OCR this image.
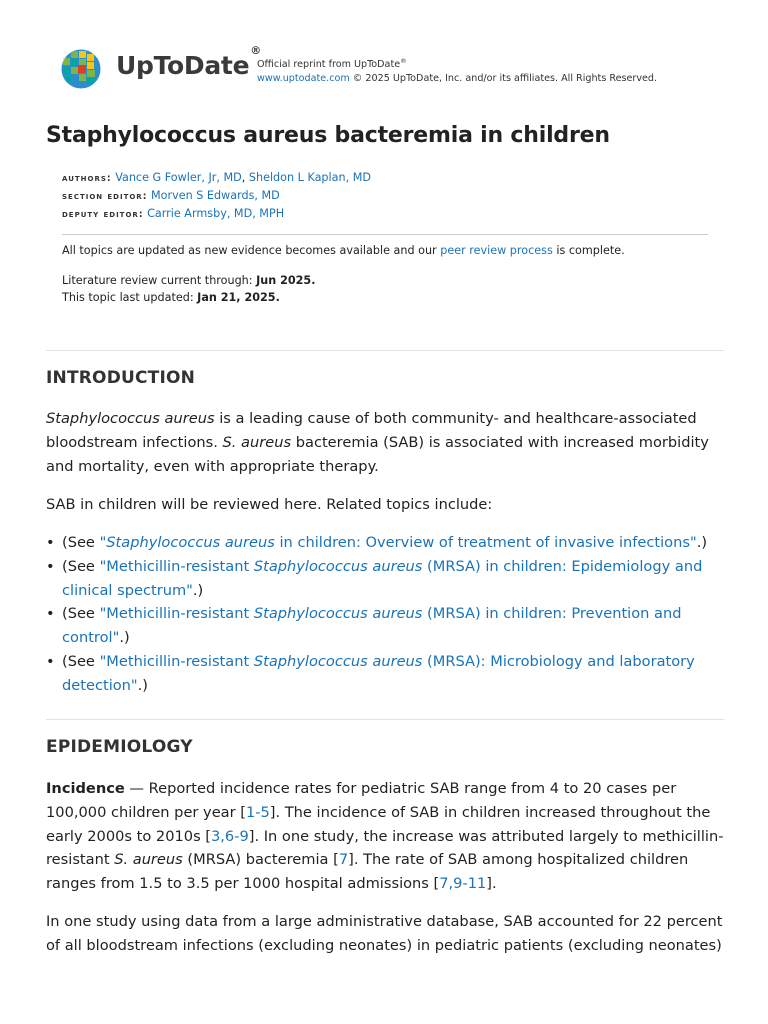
UpToDate®
Official reprint from UpToDate®
www.uptodate.com © 2025 UpToDate, Inc. and/or its affiliates. All Rights Reserved.
Staphylococcus aureus bacteremia in children
authors: Vance G Fowler, Jr, MD, Sheldon L Kaplan, MD
section editor: Morven S Edwards, MD
deputy editor: Carrie Armsby, MD, MPH
All topics are updated as new evidence becomes available and our peer review process is complete.
Literature review current through: Jun 2025.
This topic last updated: Jan 21, 2025.
INTRODUCTION
Staphylococcus aureus is a leading cause of both community- and healthcare-associated
bloodstream infections. S. aureus bacteremia (SAB) is associated with increased morbidity
and mortality, even with appropriate therapy.
SAB in children will be reviewed here. Related topics include:
• (See "Staphylococcus aureus in children: Overview of treatment of invasive infections".)
• (See "Methicillin-resistant Staphylococcus aureus (MRSA) in children: Epidemiology and
clinical spectrum".)
• (See "Methicillin-resistant Staphylococcus aureus (MRSA) in children: Prevention and
control".)
• (See "Methicillin-resistant Staphylococcus aureus (MRSA): Microbiology and laboratory
detection".)
EPIDEMIOLOGY
Incidence — Reported incidence rates for pediatric SAB range from 4 to 20 cases per
100,000 children per year [1-5]. The incidence of SAB in children increased throughout the
early 2000s to 2010s [3,6-9]. In one study, the increase was attributed largely to methicillin-
resistant S. aureus (MRSA) bacteremia [7]. The rate of SAB among hospitalized children
ranges from 1.5 to 3.5 per 1000 hospital admissions [7,9-11].
In one study using data from a large administrative database, SAB accounted for 22 percent
of all bloodstream infections (excluding neonates) in pediatric patients (excluding neonates)
